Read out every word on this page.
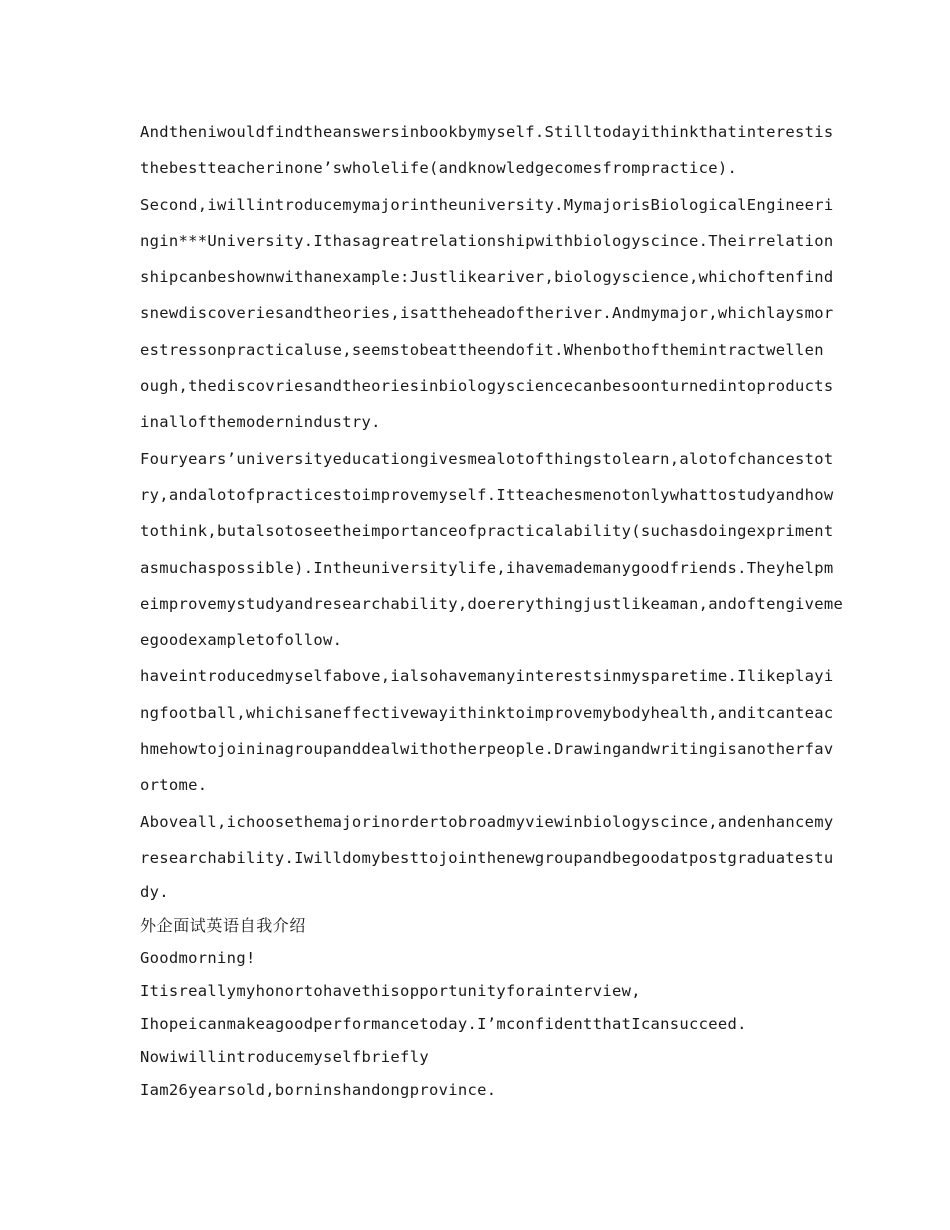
Andtheniwouldfindtheanswersinbookbymyself.Stilltodayithinkthatinterestis
thebestteacherinone’swholelife(andknowledgecomesfrompractice).
Second,iwillintroducemymajorintheuniversity.MymajorisBiologicalEngineeri
ngin***University.Ithasagreatrelationshipwithbiologyscince.Theirrelation
shipcanbeshownwithanexample:Justlikeariver,biologyscience,whichoftenfind
snewdiscoveriesandtheories,isattheheadoftheriver.Andmymajor,whichlaysmor
estressonpracticaluse,seemstobeattheendofit.Whenbothofthemintractwellen
ough,thediscovriesandtheoriesinbiologysciencecanbesoonturnedintoproducts
inallofthemodernindustry.
Fouryears’universityeducationgivesmealotofthingstolearn,alotofchancestot
ry,andalotofpracticestoimprovemyself.Itteachesmenotonlywhattostudyandhow
tothink,butalsotoseetheimportanceofpracticalability(suchasdoingexpriment
asmuchaspossible).Intheuniversitylife,ihavemademanygoodfriends.Theyhelpm
eimprovemystudyandresearchability,doererythingjustlikeaman,andoftengiveme
egoodexampletofollow.
haveintroducedmyselfabove,ialsohavemanyinterestsinmysparetime.Ilikeplayi
ngfootball,whichisaneffectivewayithinktoimprovemybodyhealth,anditcanteac
hmehowtojoininagroupanddealwithotherpeople.Drawingandwritingisanotherfav
ortome.
Aboveall,ichoosethemajorinordertobroadmyviewinbiologyscince,andenhancemy
researchability.Iwilldomybesttojointhenewgroupandbegoodatpostgraduatestu
dy.
外企面试英语自我介绍
Goodmorning!
Itisreallymyhonortohavethisopportunityforainterview,
Ihopeicanmakeagoodperformancetoday.I’mconfidentthatIcansucceed.
Nowiwillintroducemyselfbriefly
Iam26yearsold,borninshandongprovince.
